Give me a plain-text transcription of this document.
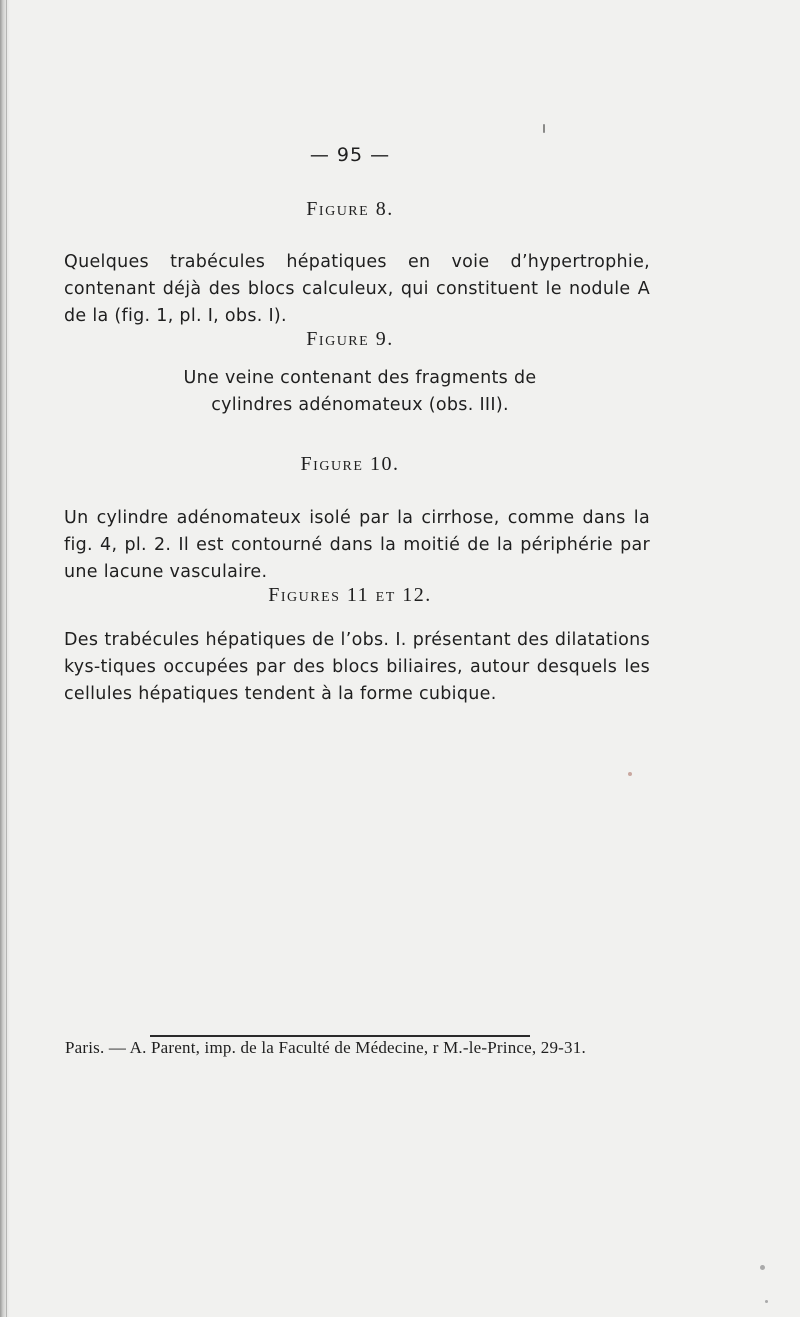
— 95 —
Figure 8.
Quelques trabécules hépatiques en voie d’hypertrophie, contenant déjà des blocs calculeux, qui constituent le nodule A de la (fig. 1, pl. I, obs. I).
Figure 9.
Une veine contenant des fragments de cylindres adénomateux (obs. III).
Figure 10.
Un cylindre adénomateux isolé par la cirrhose, comme dans la fig. 4, pl. 2. Il est contourné dans la moitié de la périphérie par une lacune vasculaire.
Figures 11 et 12.
Des trabécules hépatiques de l’obs. I. présentant des dilatations kys-tiques occupées par des blocs biliaires, autour desquels les cellules hépatiques tendent à la forme cubique.
Paris. — A. Parent, imp. de la Faculté de Médecine, r M.-le-Prince, 29-31.
